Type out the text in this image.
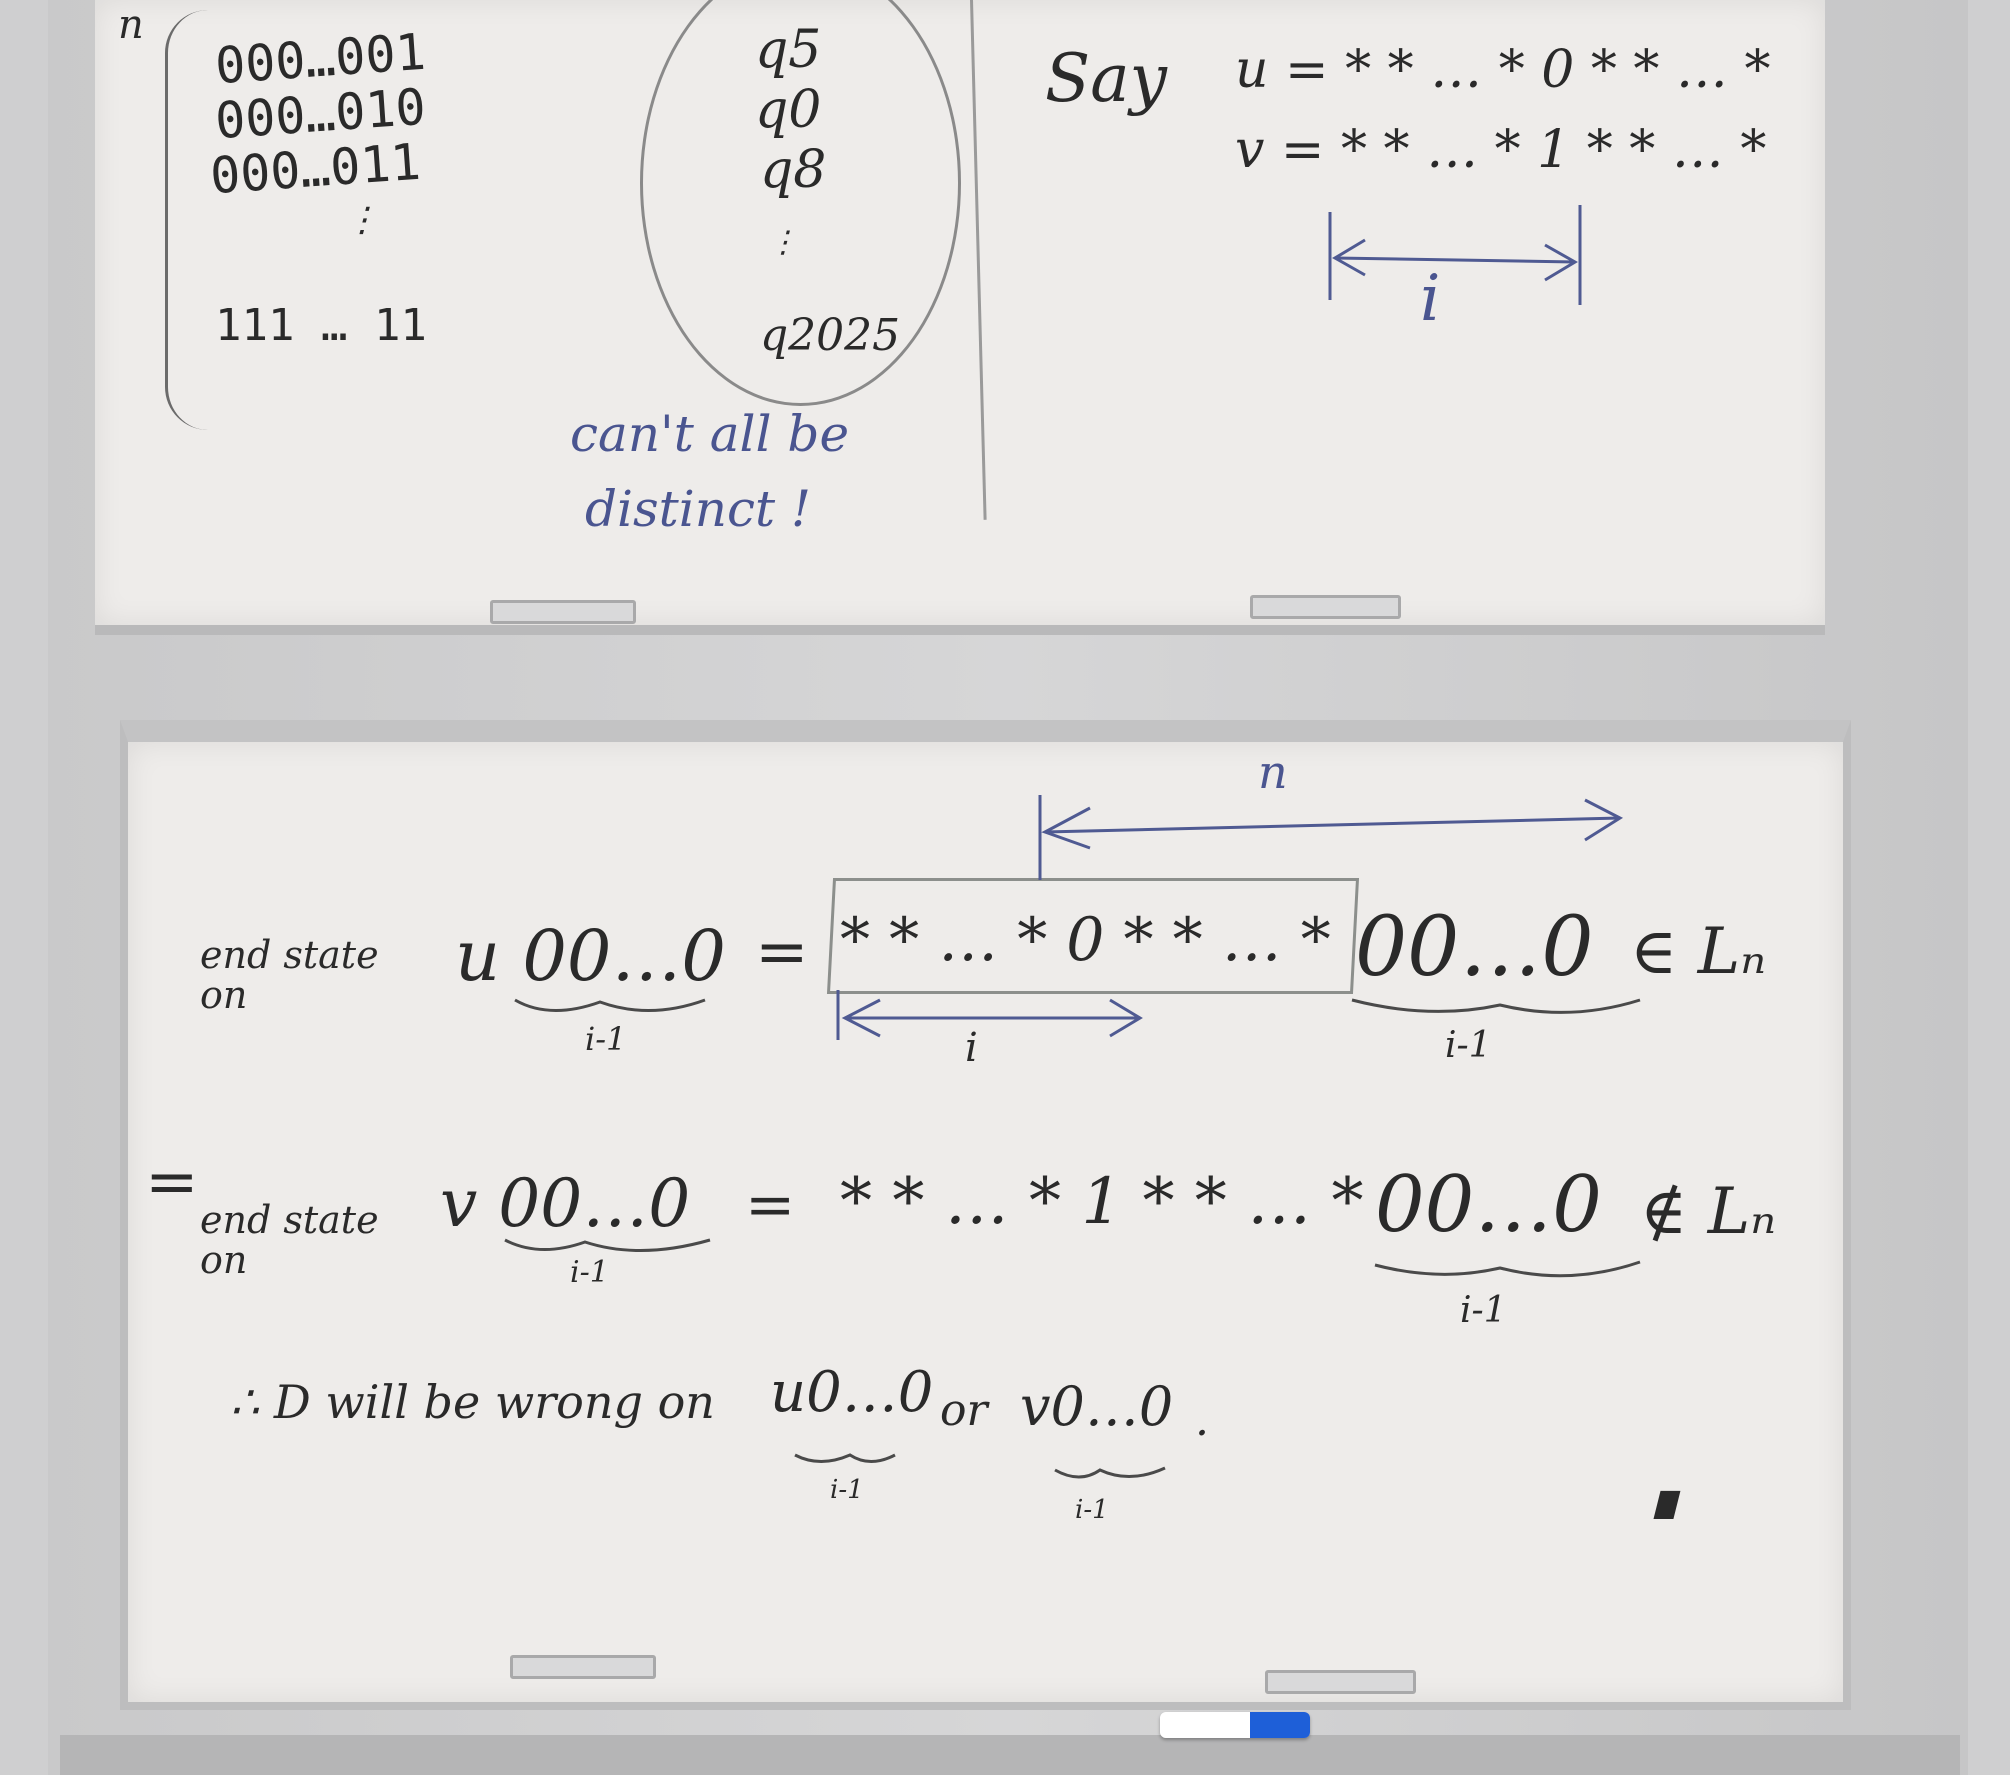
n 000…001
000…010
000…011
⋮
111 … 11
q5
q0
q8
⋮
q2025
can't all be
distinct !
Say u = * * … * 0 * * … *
v = * * … * 1 * * … *
i
n
end state on	u 00…0
i-1
= * * … * 0 * * … *
i
00…0
i-1
∈ Lₙ
=
end state on
v 00…0
i-1
= * * … * 1 * * … * 00…0
i-1
∉ Lₙ
∴ D will be wrong on u0…0
i-1
or v0…0
i-1
.
∎
